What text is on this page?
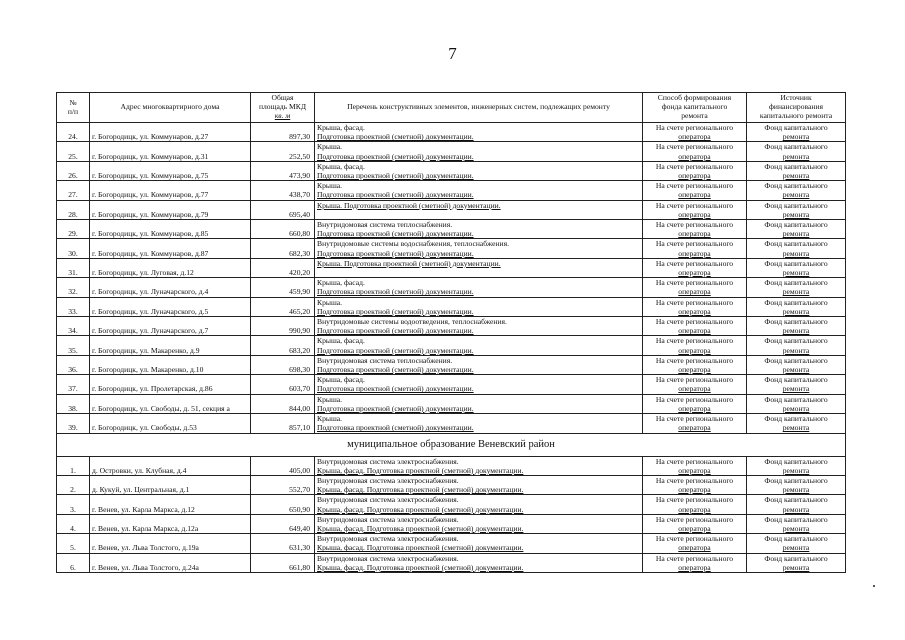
7
№
п/п	Адрес многоквартирного дома	Общая
площадь МКД
кв. м	Перечень конструктивных элементов, инженерных систем, подлежащих ремонту	Способ формирования
фонда капитального
ремонта	Источник
финансирования
капитального ремонта
24.	г. Богородицк, ул. Коммунаров, д.27	897,30	Крыша, фасад.
Подготовка проектной (сметной) документации.	На счете регионального
оператора	Фонд капитального
ремонта

25.	г. Богородицк, ул. Коммунаров, д.31	252,50	Крыша.
Подготовка проектной (сметной) документации.	На счете регионального
оператора	Фонд капитального
ремонта

26.	г. Богородицк, ул. Коммунаров, д.75	473,90	Крыша, фасад.
Подготовка проектной (сметной) документации.	На счете регионального
оператора	Фонд капитального
ремонта

27.	г. Богородицк, ул. Коммунаров, д.77	438,70	Крыша.
Подготовка проектной (сметной) документации.	На счете регионального
оператора	Фонд капитального
ремонта

28.	г. Богородицк, ул. Коммунаров, д.79	695,40	Крыша. Подготовка проектной (сметной) документации.	На счете регионального
оператора	Фонд капитального
ремонта

29.	г. Богородицк, ул. Коммунаров, д.85	660,80	Внутридомовая система теплоснабжения.
Подготовка проектной (сметной) документации.	На счете регионального
оператора	Фонд капитального
ремонта

30.	г. Богородицк, ул. Коммунаров, д.87	682,30	Внутридомовые системы водоснабжения, теплоснабжения.
Подготовка проектной (сметной) документации.	На счете регионального
оператора	Фонд капитального
ремонта

31.	г. Богородицк, ул. Луговая, д.12	420,20	Крыша. Подготовка проектной (сметной) документации.	На счете регионального
оператора	Фонд капитального
ремонта

32.	г. Богородицк, ул. Луначарского, д.4	459,90	Крыша, фасад.
Подготовка проектной (сметной) документации.	На счете регионального
оператора	Фонд капитального
ремонта

33.	г. Богородицк, ул. Луначарского, д.5	465,20	Крыша.
Подготовка проектной (сметной) документации.	На счете регионального
оператора	Фонд капитального
ремонта

34.	г. Богородицк, ул. Луначарского, д.7	990,90	Внутридомовые системы водоотведения, теплоснабжения.
Подготовка проектной (сметной) документации.	На счете регионального
оператора	Фонд капитального
ремонта

35.	г. Богородицк, ул. Макаренко, д.9	683,20	Крыша, фасад.
Подготовка проектной (сметной) документации.	На счете регионального
оператора	Фонд капитального
ремонта

36.	г. Богородицк, ул. Макаренко, д.10	698,30	Внутридомовая система теплоснабжения.
Подготовка проектной (сметной) документации.	На счете регионального
оператора	Фонд капитального
ремонта

37.	г. Богородицк, ул. Пролетарская, д.86	603,70	Крыша, фасад.
Подготовка проектной (сметной) документации.	На счете регионального
оператора	Фонд капитального
ремонта

38.	г. Богородицк, ул. Свободы, д. 51, секция а	844,00	Крыша.
Подготовка проектной (сметной) документации.	На счете регионального
оператора	Фонд капитального
ремонта

39.	г. Богородицк, ул. Свободы, д.53	857,10	Крыша.
Подготовка проектной (сметной) документации.	На счете регионального
оператора	Фонд капитального
ремонта

муниципальное образование Веневский район					
1.	д. Островки, ул. Клубная, д.4	405,00	Внутридомовая система электроснабжения.
Крыша, фасад. Подготовка проектной (сметной) документации.	На счете регионального
оператора	Фонд капитального
ремонта

2.	д. Кукуй, ул. Центральная, д.1	552,70	Внутридомовая система электроснабжения.
Крыша, фасад. Подготовка проектной (сметной) документации.	На счете регионального
оператора	Фонд капитального
ремонта

3.	г. Венев, ул. Карла Маркса, д.12	650,90	Внутридомовая система электроснабжения.
Крыша, фасад. Подготовка проектной (сметной) документации.	На счете регионального
оператора	Фонд капитального
ремонта

4.	г. Венев, ул. Карла Маркса, д.12а	649,40	Внутридомовая система электроснабжения.
Крыша, фасад. Подготовка проектной (сметной) документации.	На счете регионального
оператора	Фонд капитального
ремонта

5.	г. Венев, ул. Льва Толстого, д.19а	631,30	Внутридомовая система электроснабжения.
Крыша, фасад. Подготовка проектной (сметной) документации.	На счете регионального
оператора	Фонд капитального
ремонта

6.	г. Венев, ул. Льва Толстого, д.24а	661,80	Внутридомовая система электроснабжения.
Крыша, фасад. Подготовка проектной (сметной) документации.	На счете регионального
оператора	Фонд капитального
ремонта
